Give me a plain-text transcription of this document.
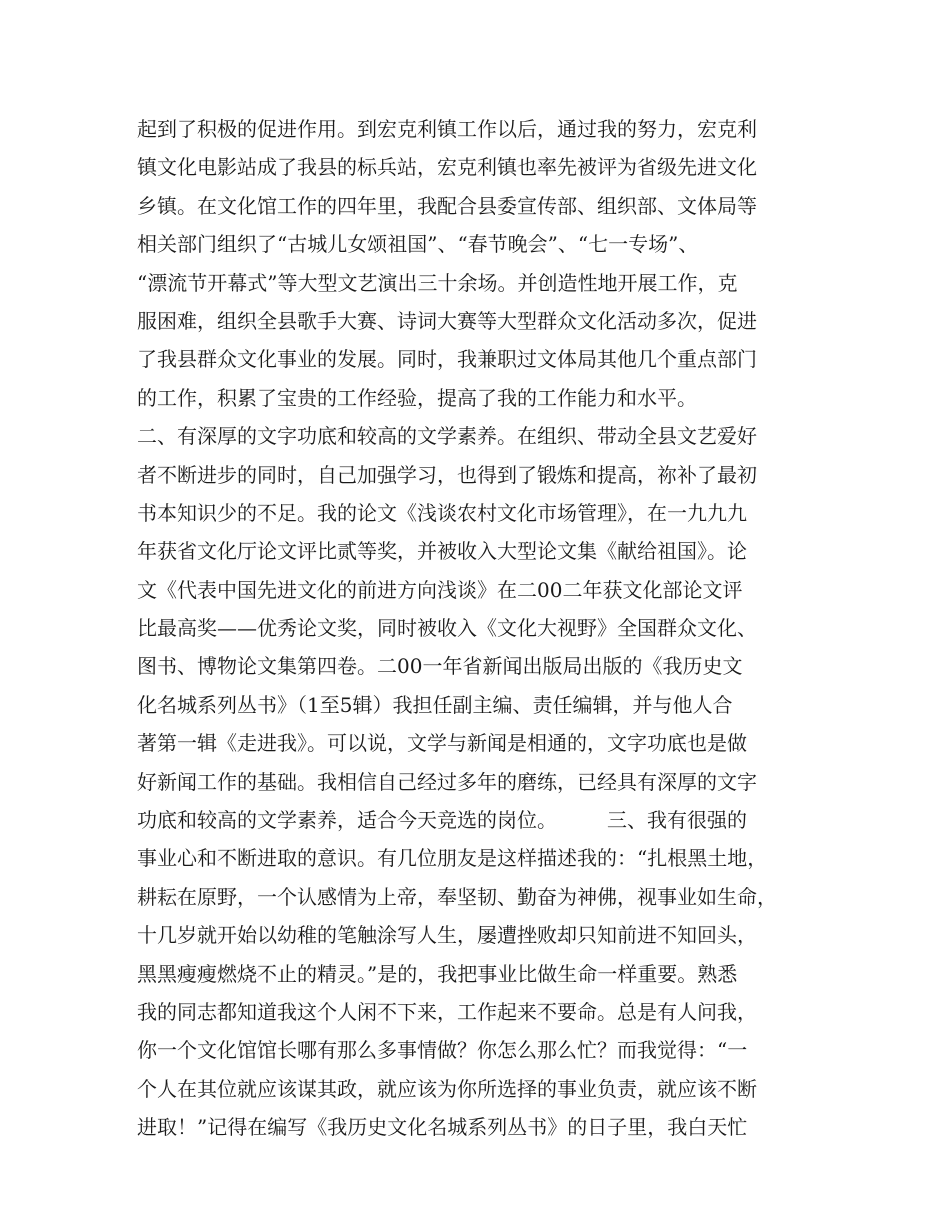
起到了积极的促进作用。到宏克利镇工作以后，通过我的努力，宏克利
镇文化电影站成了我县的标兵站，宏克利镇也率先被评为省级先进文化
乡镇。在文化馆工作的四年里，我配合县委宣传部、组织部、文体局等
相关部门组织了“古城儿女颂祖国”、“春节晚会”、“七一专场”、
“漂流节开幕式”等大型文艺演出三十余场。并创造性地开展工作，克
服困难，组织全县歌手大赛、诗词大赛等大型群众文化活动多次，促进
了我县群众文化事业的发展。同时，我兼职过文体局其他几个重点部门
的工作，积累了宝贵的工作经验，提高了我的工作能力和水平。
二、有深厚的文字功底和较高的文学素养。在组织、带动全县文艺爱好
者不断进步的同时，自己加强学习，也得到了锻炼和提高，祢补了最初
书本知识少的不足。我的论文《浅谈农村文化市场管理》，在一九九九
年获省文化厅论文评比贰等奖，并被收入大型论文集《献给祖国》。论
文《代表中国先进文化的前进方向浅谈》在二00二年获文化部论文评
比最高奖——优秀论文奖，同时被收入《文化大视野》全国群众文化、
图书、博物论文集第四卷。二00一年省新闻出版局出版的《我历史文
化名城系列丛书》（1至5辑）我担任副主编、责任编辑，并与他人合
著第一辑《走进我》。可以说，文学与新闻是相通的，文字功底也是做
好新闻工作的基础。我相信自己经过多年的磨练，已经具有深厚的文字
功底和较高的文学素养，适合今天竞选的岗位。　　　三、我有很强的
事业心和不断进取的意识。有几位朋友是这样描述我的：“扎根黑土地，
耕耘在原野，一个认感情为上帝，奉坚韧、勤奋为神佛，视事业如生命，
十几岁就开始以幼稚的笔触涂写人生，屡遭挫败却只知前进不知回头，
黑黑瘦瘦燃烧不止的精灵。”是的，我把事业比做生命一样重要。熟悉
我的同志都知道我这个人闲不下来，工作起来不要命。总是有人问我，
你一个文化馆馆长哪有那么多事情做？你怎么那么忙？而我觉得：“一
个人在其位就应该谋其政，就应该为你所选择的事业负责，就应该不断
进取！”记得在编写《我历史文化名城系列丛书》的日子里，我白天忙
